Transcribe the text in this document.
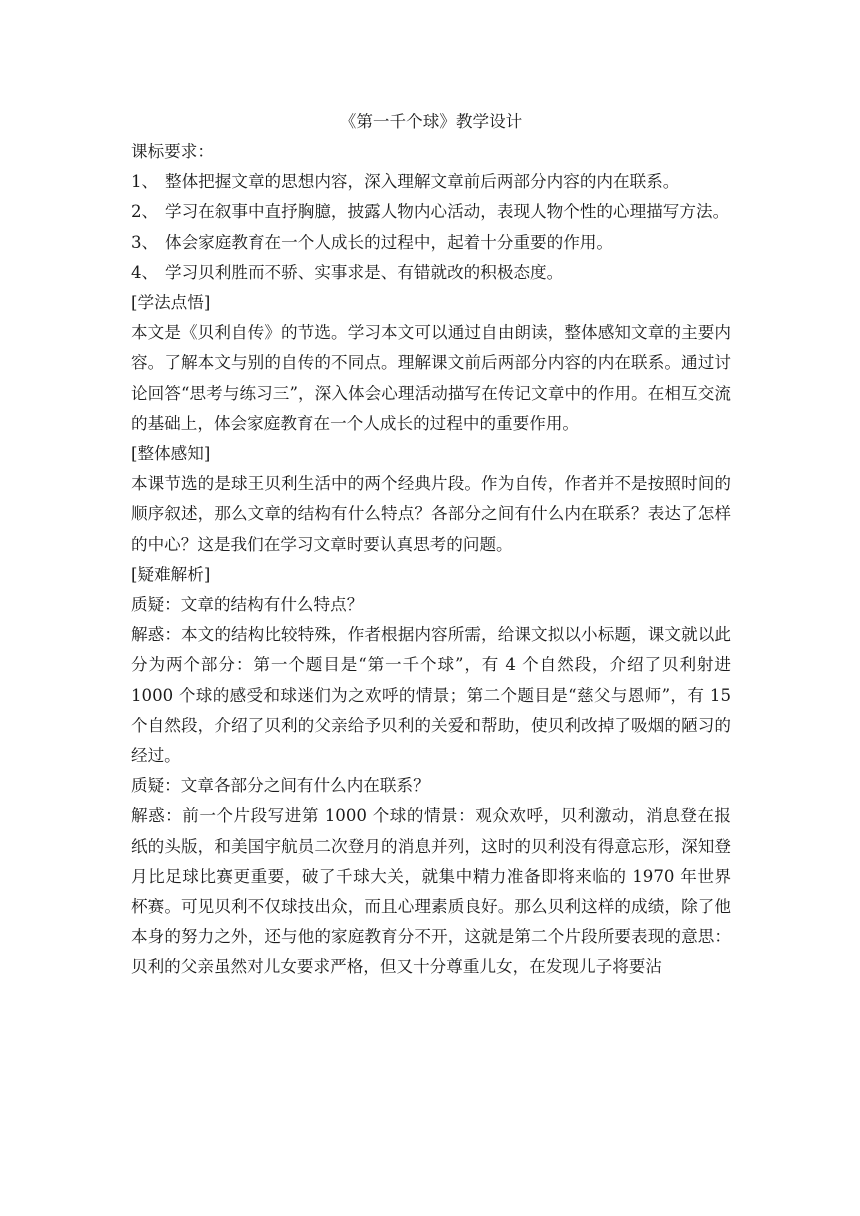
《第一千个球》教学设计

课标要求：

1、 整体把握文章的思想内容，深入理解文章前后两部分内容的内在联系。

2、 学习在叙事中直抒胸臆，披露人物内心活动，表现人物个性的心理描写方法。

3、 体会家庭教育在一个人成长的过程中，起着十分重要的作用。

4、 学习贝利胜而不骄、实事求是、有错就改的积极态度。

[学法点悟]

本文是《贝利自传》的节选。学习本文可以通过自由朗读，整体感知文章的主要内容。了解本文与别的自传的不同点。理解课文前后两部分内容的内在联系。通过讨论回答“思考与练习三”，深入体会心理活动描写在传记文章中的作用。在相互交流的基础上，体会家庭教育在一个人成长的过程中的重要作用。

[整体感知]

本课节选的是球王贝利生活中的两个经典片段。作为自传，作者并不是按照时间的顺序叙述，那么文章的结构有什么特点？各部分之间有什么内在联系？表达了怎样的中心？这是我们在学习文章时要认真思考的问题。

[疑难解析]

质疑：文章的结构有什么特点？

解惑：本文的结构比较特殊，作者根据内容所需，给课文拟以小标题，课文就以此分为两个部分：第一个题目是“第一千个球”，有 4 个自然段，介绍了贝利射进 1000 个球的感受和球迷们为之欢呼的情景；第二个题目是“慈父与恩师”，有 15 个自然段，介绍了贝利的父亲给予贝利的关爱和帮助，使贝利改掉了吸烟的陋习的经过。

质疑：文章各部分之间有什么内在联系？

解惑：前一个片段写进第 1000 个球的情景：观众欢呼，贝利激动，消息登在报纸的头版，和美国宇航员二次登月的消息并列，这时的贝利没有得意忘形，深知登月比足球比赛更重要，破了千球大关，就集中精力准备即将来临的 1970 年世界杯赛。可见贝利不仅球技出众，而且心理素质良好。那么贝利这样的成绩，除了他本身的努力之外，还与他的家庭教育分不开，这就是第二个片段所要表现的意思：贝利的父亲虽然对儿女要求严格，但又十分尊重儿女，在发现儿子将要沾
